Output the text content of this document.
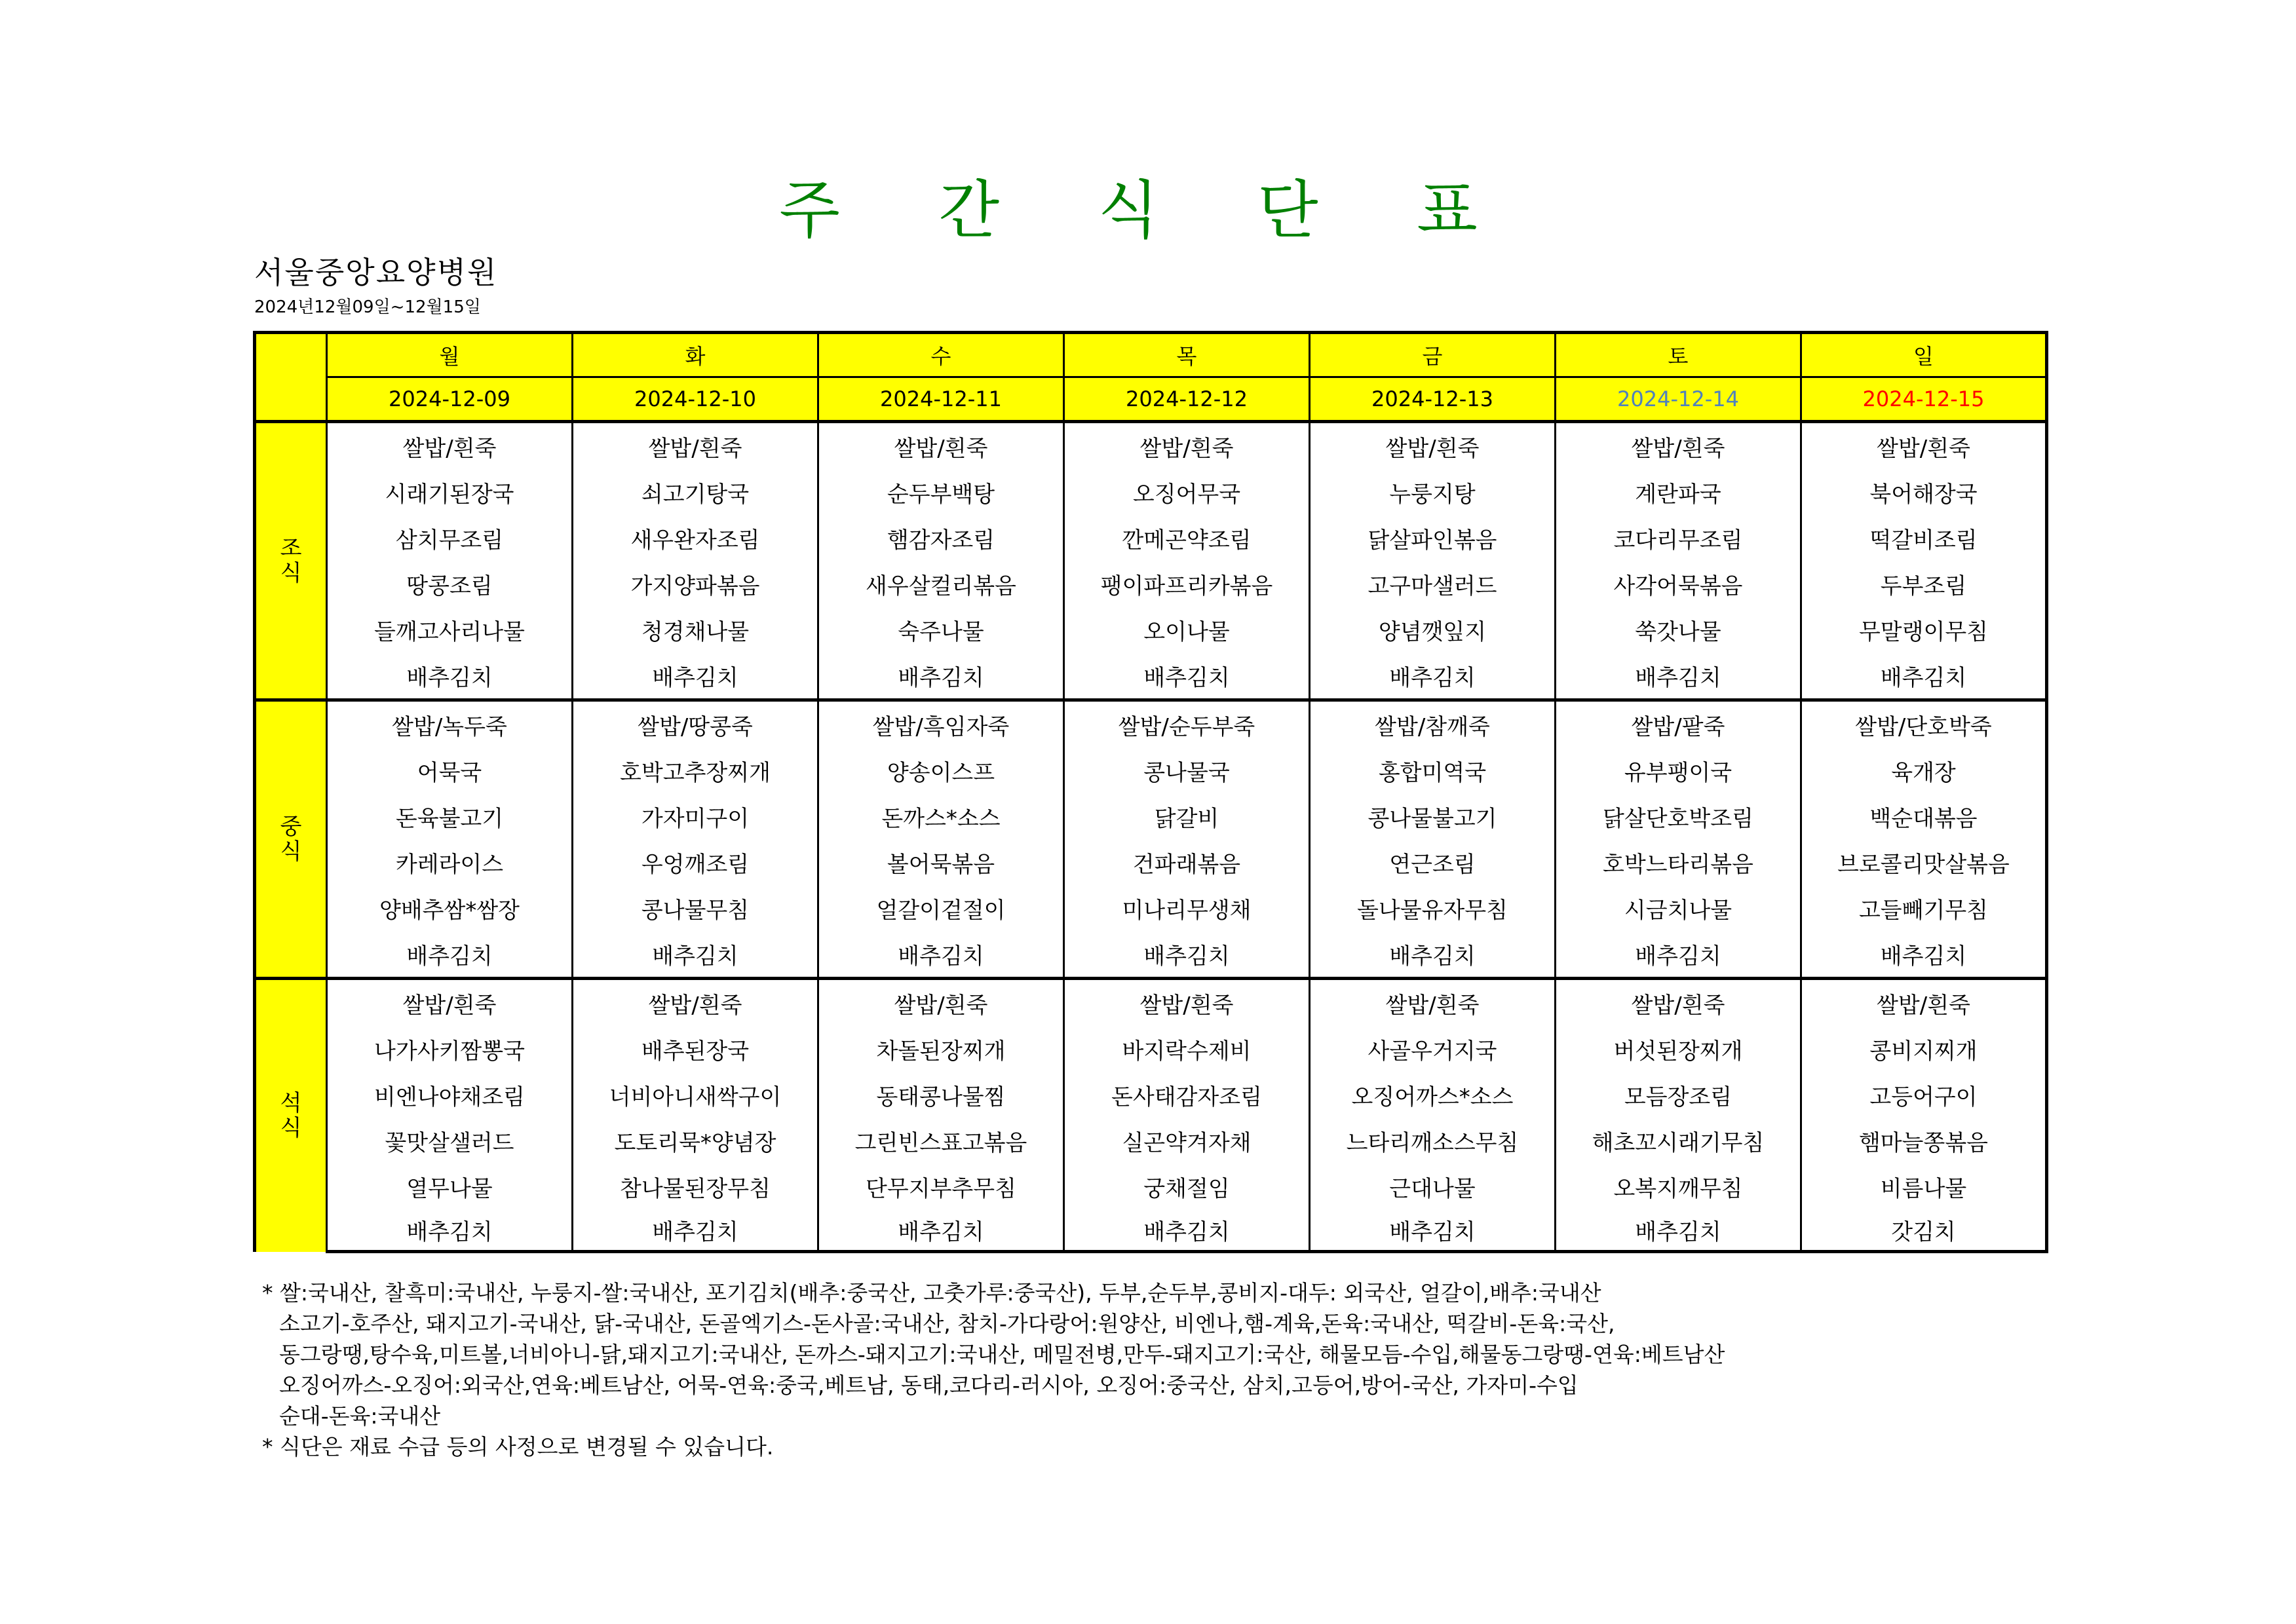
주 간 식 단 표
서울중앙요양병원
2024년12월09일~12월15일
	월	화	수	목	금	토	일
	2024-12-09	2024-12-10	2024-12-11	2024-12-12	2024-12-13	2024-12-14	2024-12-15
조
식	쌀밥/흰죽	쌀밥/흰죽	쌀밥/흰죽	쌀밥/흰죽	쌀밥/흰죽	쌀밥/흰죽	쌀밥/흰죽
	시래기된장국	쇠고기탕국	순두부백탕	오징어무국	누룽지탕	계란파국	북어해장국
	삼치무조림	새우완자조림	햄감자조림	깐메곤약조림	닭살파인볶음	코다리무조림	떡갈비조림
	땅콩조림	가지양파볶음	새우살컬리볶음	팽이파프리카볶음	고구마샐러드	사각어묵볶음	두부조림
	들깨고사리나물	청경채나물	숙주나물	오이나물	양념깻잎지	쑥갓나물	무말랭이무침
	배추김치	배추김치	배추김치	배추김치	배추김치	배추김치	배추김치
중
식	쌀밥/녹두죽	쌀밥/땅콩죽	쌀밥/흑임자죽	쌀밥/순두부죽	쌀밥/참깨죽	쌀밥/팥죽	쌀밥/단호박죽
	어묵국	호박고추장찌개	양송이스프	콩나물국	홍합미역국	유부팽이국	육개장
	돈육불고기	가자미구이	돈까스*소스	닭갈비	콩나물불고기	닭살단호박조림	백순대볶음
	카레라이스	우엉깨조림	볼어묵볶음	건파래볶음	연근조림	호박느타리볶음	브로콜리맛살볶음
	양배추쌈*쌈장	콩나물무침	얼갈이겉절이	미나리무생채	돌나물유자무침	시금치나물	고들빼기무침
	배추김치	배추김치	배추김치	배추김치	배추김치	배추김치	배추김치
석
식	쌀밥/흰죽	쌀밥/흰죽	쌀밥/흰죽	쌀밥/흰죽	쌀밥/흰죽	쌀밥/흰죽	쌀밥/흰죽
	나가사키짬뽕국	배추된장국	차돌된장찌개	바지락수제비	사골우거지국	버섯된장찌개	콩비지찌개
	비엔나야채조림	너비아니새싹구이	동태콩나물찜	돈사태감자조림	오징어까스*소스	모듬장조림	고등어구이
	꽃맛살샐러드	도토리묵*양념장	그린빈스표고볶음	실곤약겨자채	느타리깨소스무침	해초꼬시래기무침	햄마늘쫑볶음
	열무나물	참나물된장무침	단무지부추무침	궁채절임	근대나물	오복지깨무침	비름나물
	배추김치	배추김치	배추김치	배추김치	배추김치	배추김치	갓김치
* 쌀:국내산, 찰흑미:국내산, 누룽지-쌀:국내산, 포기김치(배추:중국산, 고춧가루:중국산), 두부,순두부,콩비지-대두: 외국산, 얼갈이,배추:국내산
소고기-호주산, 돼지고기-국내산, 닭-국내산, 돈골엑기스-돈사골:국내산, 참치-가다랑어:원양산, 비엔나,햄-계육,돈육:국내산, 떡갈비-돈육:국산,
동그랑땡,탕수육,미트볼,너비아니-닭,돼지고기:국내산, 돈까스-돼지고기:국내산, 메밀전병,만두-돼지고기:국산, 해물모듬-수입,해물동그랑땡-연육:베트남산
오징어까스-오징어:외국산,연육:베트남산, 어묵-연육:중국,베트남, 동태,코다리-러시아, 오징어:중국산, 삼치,고등어,방어-국산, 가자미-수입
순대-돈육:국내산
* 식단은 재료 수급 등의 사정으로 변경될 수 있습니다.
